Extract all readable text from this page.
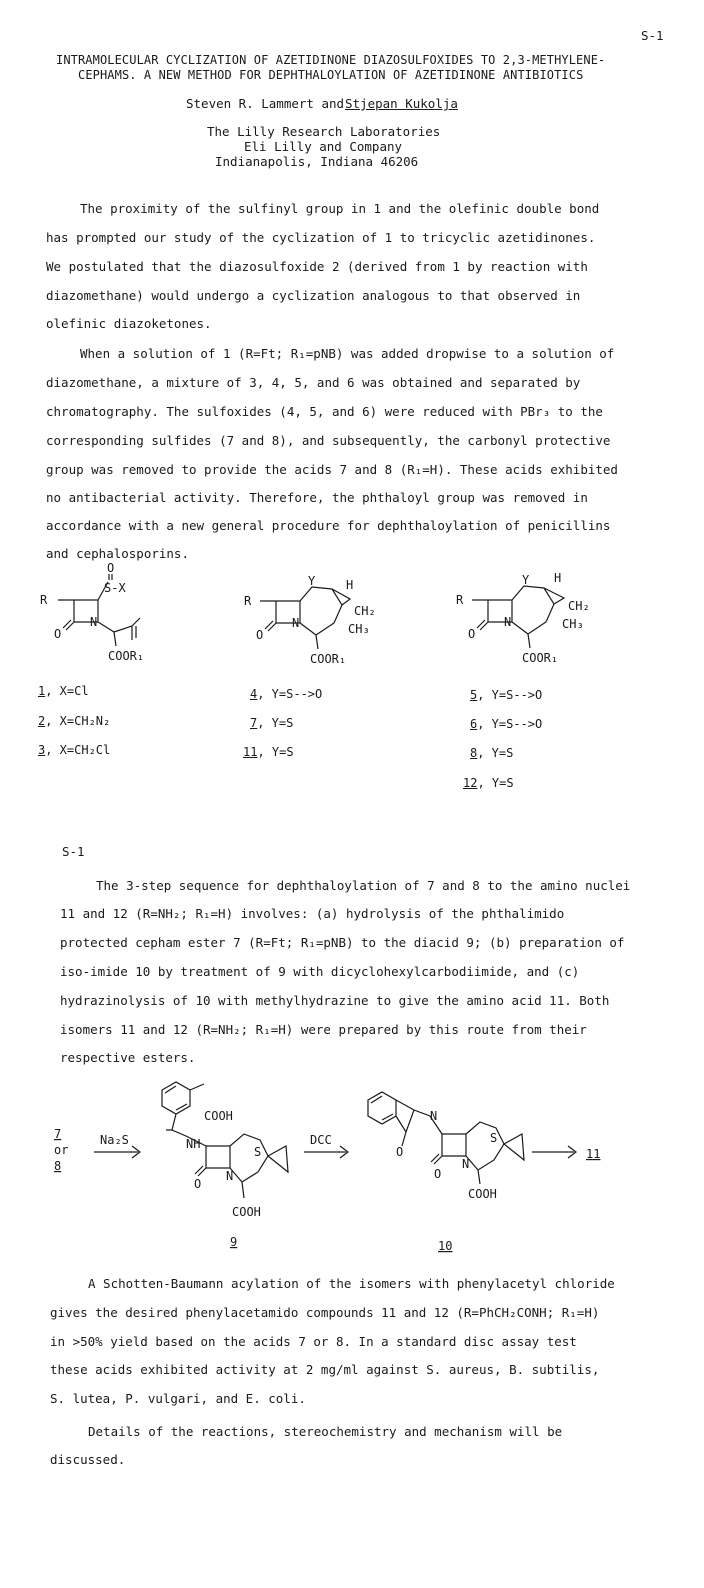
S-1
INTRAMOLECULAR CYCLIZATION OF AZETIDINONE DIAZOSULFOXIDES TO 2,3-METHYLENE-
CEPHAMS. A NEW METHOD FOR DEPHTHALOYLATION OF AZETIDINONE ANTIBIOTICS
Steven R. Lammert and Stjepan Kukolja
The Lilly Research Laboratories
Eli Lilly and Company
Indianapolis, Indiana 46206
The proximity of the sulfinyl group in 1 and the olefinic double bond
has prompted our study of the cyclization of 1 to tricyclic azetidinones.
We postulated that the diazosulfoxide 2 (derived from 1 by reaction with
diazomethane) would undergo a cyclization analogous to that observed in
olefinic diazoketones.
When a solution of 1 (R=Ft; R₁=pNB) was added dropwise to a solution of
diazomethane, a mixture of 3, 4, 5, and 6 was obtained and separated by
chromatography. The sulfoxides (4, 5, and 6) were reduced with PBr₃ to the
corresponding sulfides (7 and 8), and subsequently, the carbonyl protective
group was removed to provide the acids 7 and 8 (R₁=H). These acids exhibited
no antibacterial activity. Therefore, the phthaloyl group was removed in
accordance with a new general procedure for dephthaloylation of penicillins
and cephalosporins.
R
O
S-X
O
N
COOR₁
R
Y	H
CH₂
CH₃
O
N
COOR₁
R
Y H
CH₂
CH₃
O
N
COOR₁
1, X=Cl
2, X=CH₂N₂
3, X=CH₂Cl
4, Y=S-->O
7, Y=S
11, Y=S
5, Y=S-->O
6, Y=S-->O
8, Y=S
12, Y=S
S-1
The 3-step sequence for dephthaloylation of 7 and 8 to the amino nuclei
11 and 12 (R=NH₂; R₁=H) involves: (a) hydrolysis of the phthalimido
protected cepham ester 7 (R=Ft; R₁=pNB) to the diacid 9; (b) preparation of
iso-imide 10 by treatment of 9 with dicyclohexylcarbodiimide, and (c)
hydrazinolysis of 10 with methylhydrazine to give the amino acid 11. Both
isomers 11 and 12 (R=NH₂; R₁=H) were prepared by this route from their
respective esters.
7
or
8
Na₂S
COOH
NH
S
O
N
COOH
9
DCC
O
N
S
O
N
COOH
10
11
A Schotten-Baumann acylation of the isomers with phenylacetyl chloride
gives the desired phenylacetamido compounds 11 and 12 (R=PhCH₂CONH; R₁=H)
in >50% yield based on the acids 7 or 8. In a standard disc assay test
these acids exhibited activity at 2 mg/ml against S. aureus, B. subtilis,
S. lutea, P. vulgari, and E. coli.
Details of the reactions, stereochemistry and mechanism will be
discussed.
